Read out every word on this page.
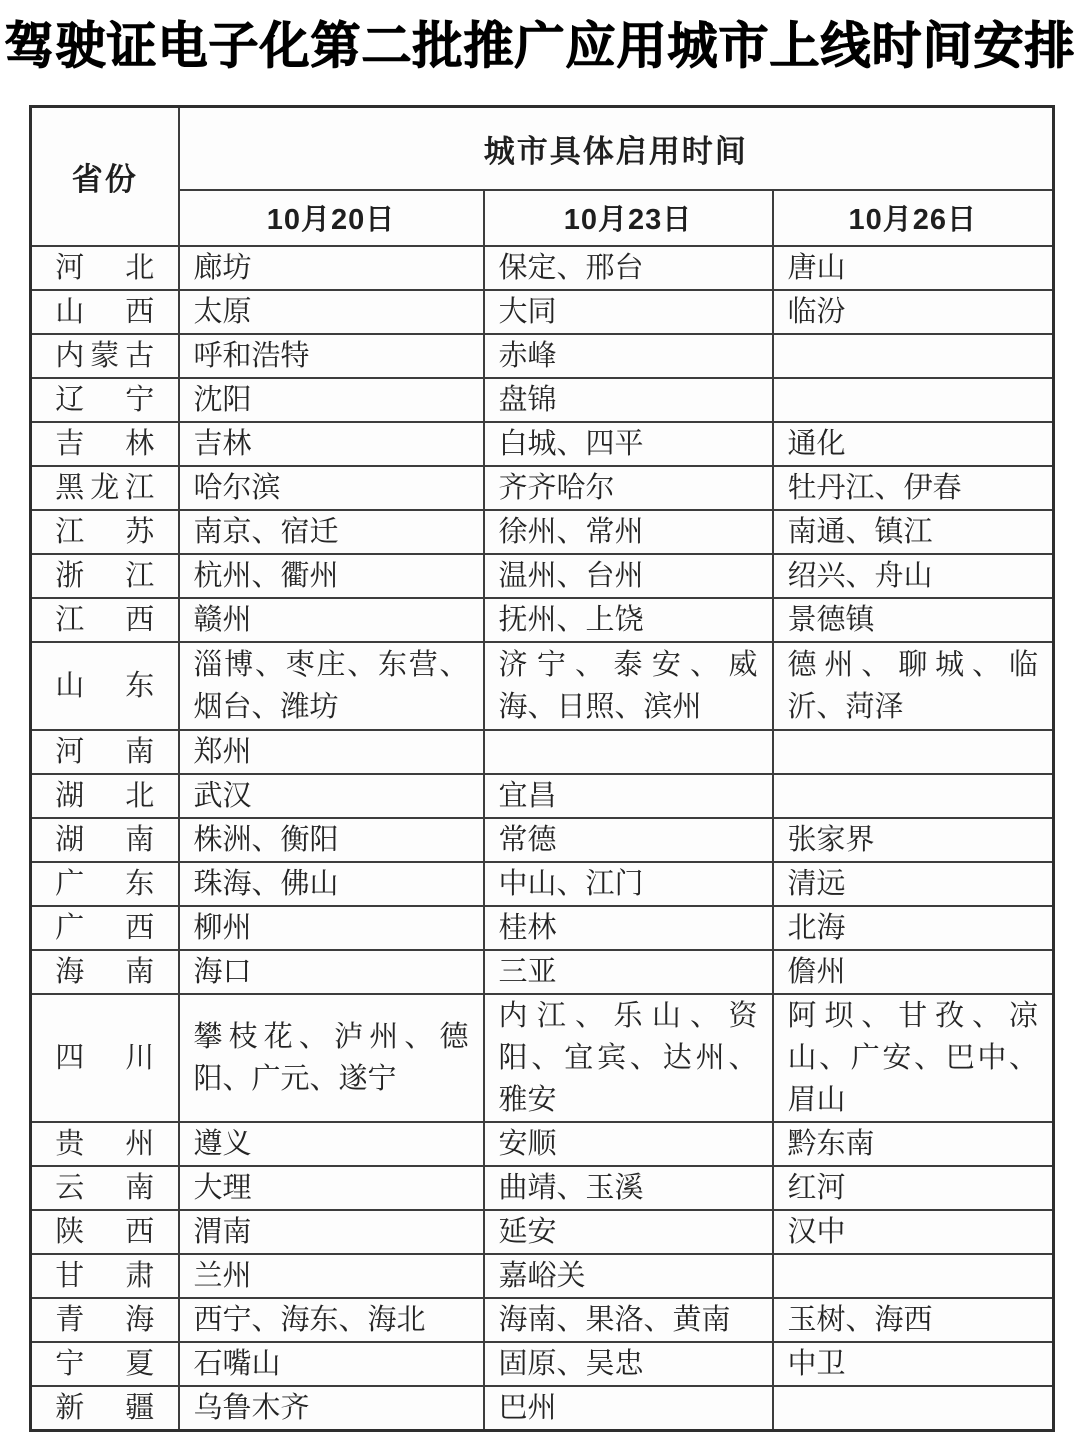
驾驶证电子化第二批推广应用城市上线时间安排
省份	城市具体启用时间		
	10月20日	10月23日	10月26日
河北	廊坊	保定、邢台	唐山
山西	太原	大同	临汾
内蒙古	呼和浩特	赤峰	
辽宁	沈阳	盘锦	
吉林	吉林	白城、四平	通化
黑龙江	哈尔滨	齐齐哈尔	牡丹江、伊春
江苏	南京、宿迁	徐州、常州	南通、镇江
浙江	杭州、衢州	温州、台州	绍兴、舟山
江西	赣州	抚州、上饶	景德镇
山东	淄博、枣庄、东营、烟台、潍坊	济宁、泰安、威海、日照、滨州	德州、聊城、临沂、菏泽
河南	郑州		
湖北	武汉	宜昌	
湖南	株洲、衡阳	常德	张家界
广东	珠海、佛山	中山、江门	清远
广西	柳州	桂林	北海
海南	海口	三亚	儋州
四川	攀枝花、泸州、德阳、广元、遂宁	内江、乐山、资阳、宜宾、达州、雅安	阿坝、甘孜、凉山、广安、巴中、眉山
贵州	遵义	安顺	黔东南
云南	大理	曲靖、玉溪	红河
陕西	渭南	延安	汉中
甘肃	兰州	嘉峪关	
青海	西宁、海东、海北	海南、果洛、黄南	玉树、海西
宁夏	石嘴山	固原、吴忠	中卫
新疆	乌鲁木齐	巴州	
